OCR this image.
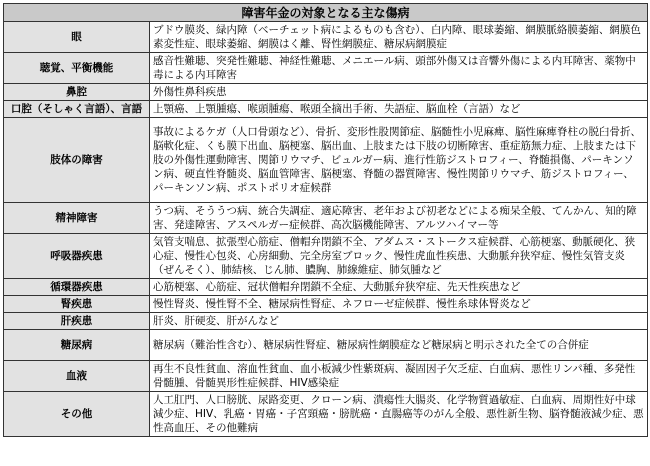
障害年金の対象となる主な傷病	
眼	ブドウ膜炎、緑内障（ベーチェット病によるものも含む）、白内障、眼球萎縮、網膜脈絡膜萎縮、網膜色素変性症、眼球萎縮、網膜はく離、腎性網膜症、糖尿病網膜症
聴覚、平衡機能	感音性難聴、突発性難聴、神経性難聴、メニエール病、頭部外傷又は音響外傷による内耳障害、薬物中毒による内耳障害
鼻腔	外傷性鼻科疾患
口腔（そしゃく言語）、言語	上顎癌、上顎腫瘍、喉頭腫瘍、喉頭全摘出手術、失語症、脳血栓（言語）など
肢体の障害	事故によるケガ（人口骨頭など）、骨折、変形性股関節症、脳髄性小児麻痺、脳性麻痺脊柱の脱臼骨折、脳軟化症、くも膜下出血、脳梗塞、脳出血、上肢または下肢の切断障害、重症筋無力症、上肢または下肢の外傷性運動障害、関節リウマチ、ビュルガー病、進行性筋ジストロフィー、脊髄損傷、パーキンソン病、硬直性脊髄炎、脳血管障害、脳梗塞、脊髄の器質障害、慢性関節リウマチ、筋ジストロフィー、パーキンソン病、ポストポリオ症候群
精神障害	うつ病、そううつ病、統合失調症、適応障害、老年および初老などによる痴呆全般、てんかん、知的障害、発達障害、アスペルガー症候群、高次脳機能障害、アルツハイマー等
呼吸器疾患	気管支喘息、拡張型心筋症、僧帽弁閉鎖不全、アダムス・ストークス症候群、心筋梗塞、動脈硬化、狭心症、慢性心包炎、心房細動、完全房室ブロック、慢性虎血性疾患、大動脈弁狭窄症、慢性気管支炎（ぜんそく）、肺結核、じん肺、膿胸、肺線維症、肺気腫など
循環器疾患	心筋梗塞、心筋症、冠状僧帽弁閉鎖不全症、大動脈弁狭窄症、先天性疾患など
腎疾患	慢性腎炎、慢性腎不全、糖尿病性腎症、ネフローゼ症候群、慢性糸球体腎炎など
肝疾患	肝炎、肝硬変、肝がんなど
糖尿病	糖尿病（難治性含む）、糖尿病性腎症、糖尿病性網膜症など糖尿病と明示された全ての合併症
血液	再生不良性貧血、溶血性貧血、血小板減少性紫斑病、凝固因子欠乏症、白血病、悪性リンパ種、多発性骨髄腫、骨髄異形性症候群、HIV感染症
その他	人工肛門、人口膀胱、尿路変更、クローン病、潰瘍性大腸炎、化学物質過敏症、白血病、周期性好中球減少症、HIV、乳癌・胃癌・子宮頸癌・膀胱癌・直腸癌等のがん全般、悪性新生物、脳脊髄液減少症、悪性高血圧、その他難病
